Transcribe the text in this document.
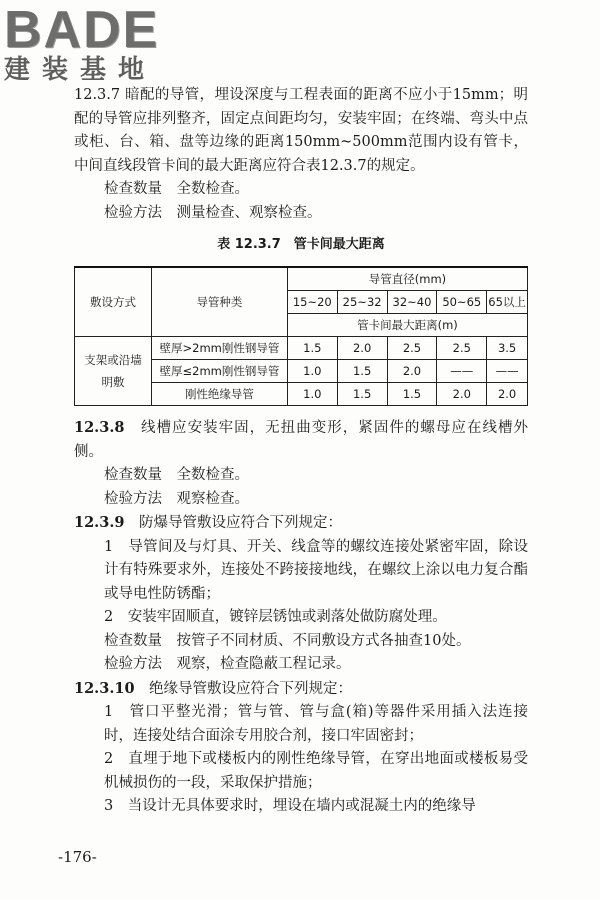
BADE
建装基地

12.3.7 暗配的导管，埋设深度与工程表面的距离不应小于15mm；明配的导管应排列整齐，固定点间距均匀，安装牢固；在终端、弯头中点或柜、台、箱、盘等边缘的距离150mm~500mm范围内设有管卡，中间直线段管卡间的最大距离应符合表12.3.7的规定。

检查数量　全数检查。

检验方法　测量检查、观察检查。

表 12.3.7　管卡间最大距离
敷设方式	导管种类	导管直径(mm)				
		15~20	25~32	32~40	50~65	65以上
		管卡间最大距离(m)				
支架或沿墙明敷	壁厚>2mm刚性钢导管	1.5	2.0	2.5	2.5	3.5
	壁厚≤2mm刚性钢导管	1.0	1.5	2.0	——	——
	刚性绝缘导管	1.0	1.5	1.5	2.0	2.0

12.3.8　 线槽应安装牢固，无扭曲变形，紧固件的螺母应在线槽外侧。

检查数量　全数检查。

检验方法　观察检查。

12.3.9　 防爆导管敷设应符合下列规定：

1　导管间及与灯具、开关、线盒等的螺纹连接处紧密牢固，除设计有特殊要求外，连接处不跨接接地线，在螺纹上涂以电力复合酯或导电性防锈酯；

2　安装牢固顺直，镀锌层锈蚀或剥落处做防腐处理。

检查数量　按管子不同材质、不同敷设方式各抽查10处。

检验方法　观察，检查隐蔽工程记录。

12.3.10　 绝缘导管敷设应符合下列规定：

1　管口平整光滑；管与管、管与盒(箱)等器件采用插入法连接时，连接处结合面涂专用胶合剂，接口牢固密封；

2　直埋于地下或楼板内的刚性绝缘导管，在穿出地面或楼板易受机械损伤的一段，采取保护措施；

3　当设计无具体要求时，埋设在墙内或混凝土内的绝缘导

-176-
